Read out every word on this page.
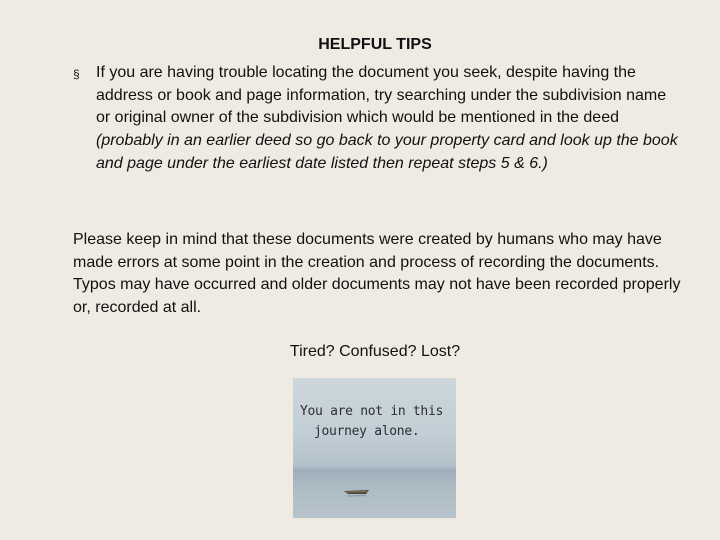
HELPFUL TIPS
§ If you are having trouble locating the document you seek, despite having the address or book and page information, try searching under the subdivision name or original owner of the subdivision which would be mentioned in the deed (probably in an earlier deed so go back to your property card and look up the book and page under the earliest date listed then repeat steps 5 & 6.)
Please keep in mind that these documents were created by humans who may have made errors at some point in the creation and process of recording the documents. Typos may have occurred and older documents may not have been recorded properly or, recorded at all.
Tired? Confused? Lost?
You are not in this
journey alone.
